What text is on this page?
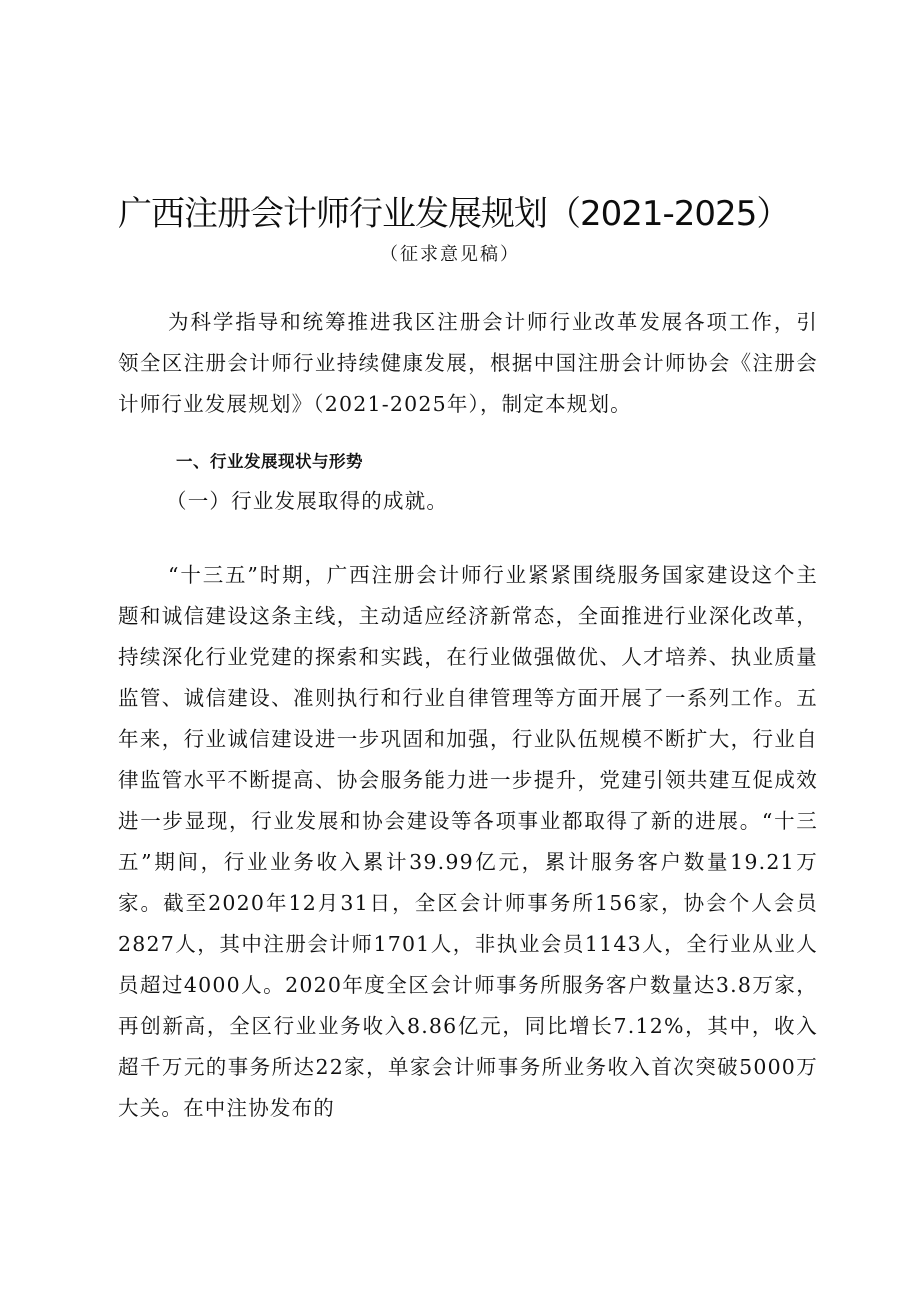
广西注册会计师行业发展规划（2021-2025）
（征求意见稿）

为科学指导和统筹推进我区注册会计师行业改革发展各项工作，引领全区注册会计师行业持续健康发展，根据中国注册会计师协会《注册会计师行业发展规划》（2021-2025年），制定本规划。

一、行业发展现状与形势
（一）行业发展取得的成就。

“十三五”时期，广西注册会计师行业紧紧围绕服务国家建设这个主题和诚信建设这条主线，主动适应经济新常态，全面推进行业深化改革，持续深化行业党建的探索和实践，在行业做强做优、人才培养、执业质量监管、诚信建设、准则执行和行业自律管理等方面开展了一系列工作。五年来，行业诚信建设进一步巩固和加强，行业队伍规模不断扩大，行业自律监管水平不断提高、协会服务能力进一步提升，党建引领共建互促成效进一步显现，行业发展和协会建设等各项事业都取得了新的进展。“十三五”期间，行业业务收入累计39.99亿元，累计服务客户数量19.21万家。截至2020年12月31日，全区会计师事务所156家，协会个人会员2827人，其中注册会计师1701人，非执业会员1143人，全行业从业人员超过4000人。2020年度全区会计师事务所服务客户数量达3.8万家，再创新高，全区行业业务收入8.86亿元，同比增长7.12%，其中，收入超千万元的事务所达22家，单家会计师事务所业务收入首次突破5000万大关。在中注协发布的
